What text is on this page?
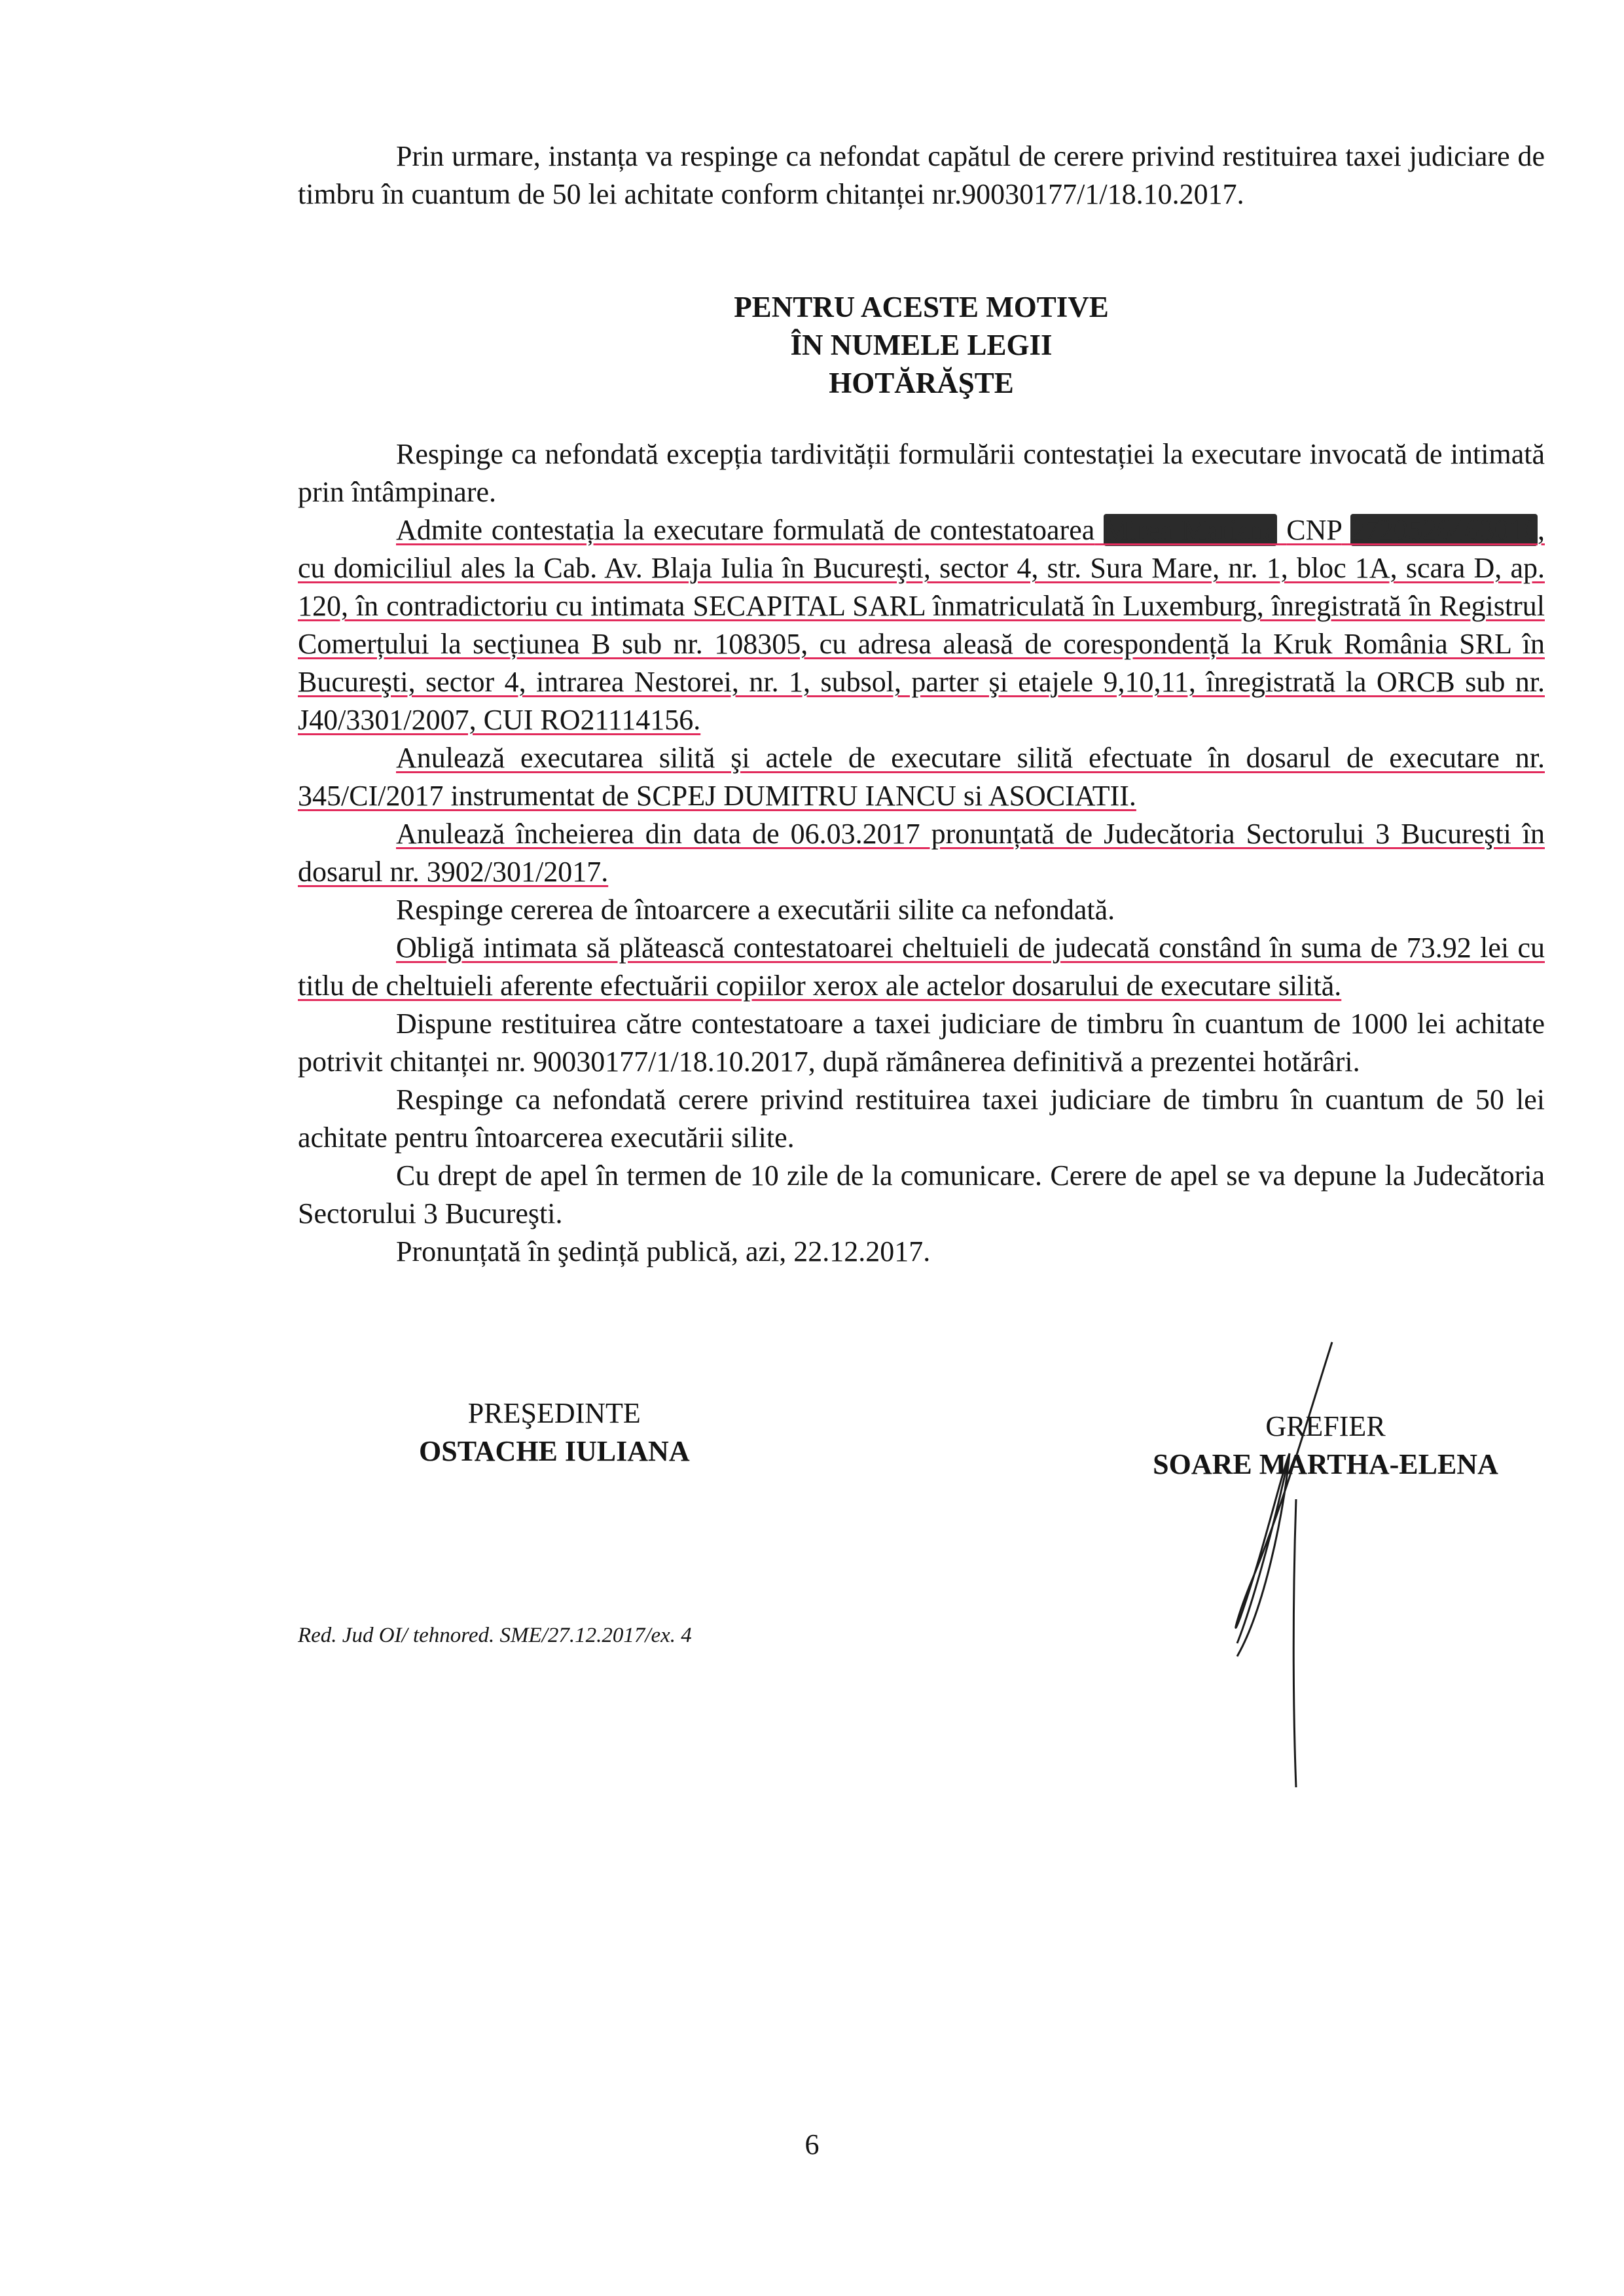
Prin urmare, instanța va respinge ca nefondat capătul de cerere privind restituirea taxei judiciare de timbru în cuantum de 50 lei achitate conform chitanței nr.90030177/1/18.10.2017.

PENTRU ACESTE MOTIVE
ÎN NUMELE LEGII
HOTĂRĂŞTE

Respinge ca nefondată excepția tardivității formulării contestației la executare invocată de intimată prin întâmpinare.

Admite contestația la executare formulată de contestatoarea Mirea Mariana CNP 2720526463016, cu domiciliul ales la Cab. Av. Blaja Iulia în Bucureşti, sector 4, str. Sura Mare, nr. 1, bloc 1A, scara D, ap. 120, în contradictoriu cu intimata SECAPITAL SARL înmatriculată în Luxemburg, înregistrată în Registrul Comerțului la secțiunea B sub nr. 108305, cu adresa aleasă de corespondență la Kruk România SRL în Bucureşti, sector 4, intrarea Nestorei, nr. 1, subsol, parter şi etajele 9,10,11, înregistrată la ORCB sub nr. J40/3301/2007, CUI RO21114156.

Anulează executarea silită şi actele de executare silită efectuate în dosarul de executare nr. 345/CI/2017 instrumentat de SCPEJ DUMITRU IANCU si ASOCIATII.

Anulează încheierea din data de 06.03.2017 pronunțată de Judecătoria Sectorului 3 Bucureşti în dosarul nr. 3902/301/2017.

Respinge cererea de întoarcere a executării silite ca nefondată.

Obligă intimata să plătească contestatoarei cheltuieli de judecată constând în suma de 73.92 lei cu titlu de cheltuieli aferente efectuării copiilor xerox ale actelor dosarului de executare silită.

Dispune restituirea către contestatoare a taxei judiciare de timbru în cuantum de 1000 lei achitate potrivit chitanței nr. 90030177/1/18.10.2017, după rămânerea definitivă a prezentei hotărâri.

Respinge ca nefondată cerere privind restituirea taxei judiciare de timbru în cuantum de 50 lei achitate pentru întoarcerea executării silite.

Cu drept de apel în termen de 10 zile de la comunicare. Cerere de apel se va depune la Judecătoria Sectorului 3 Bucureşti.

Pronunțată în şedință publică, azi, 22.12.2017.

PREŞEDINTE
OSTACHE IULIANA
GREFIER
SOARE MARTHA-ELENA
Red. Jud OI/ tehnored. SME/27.12.2017/ex. 4
6
